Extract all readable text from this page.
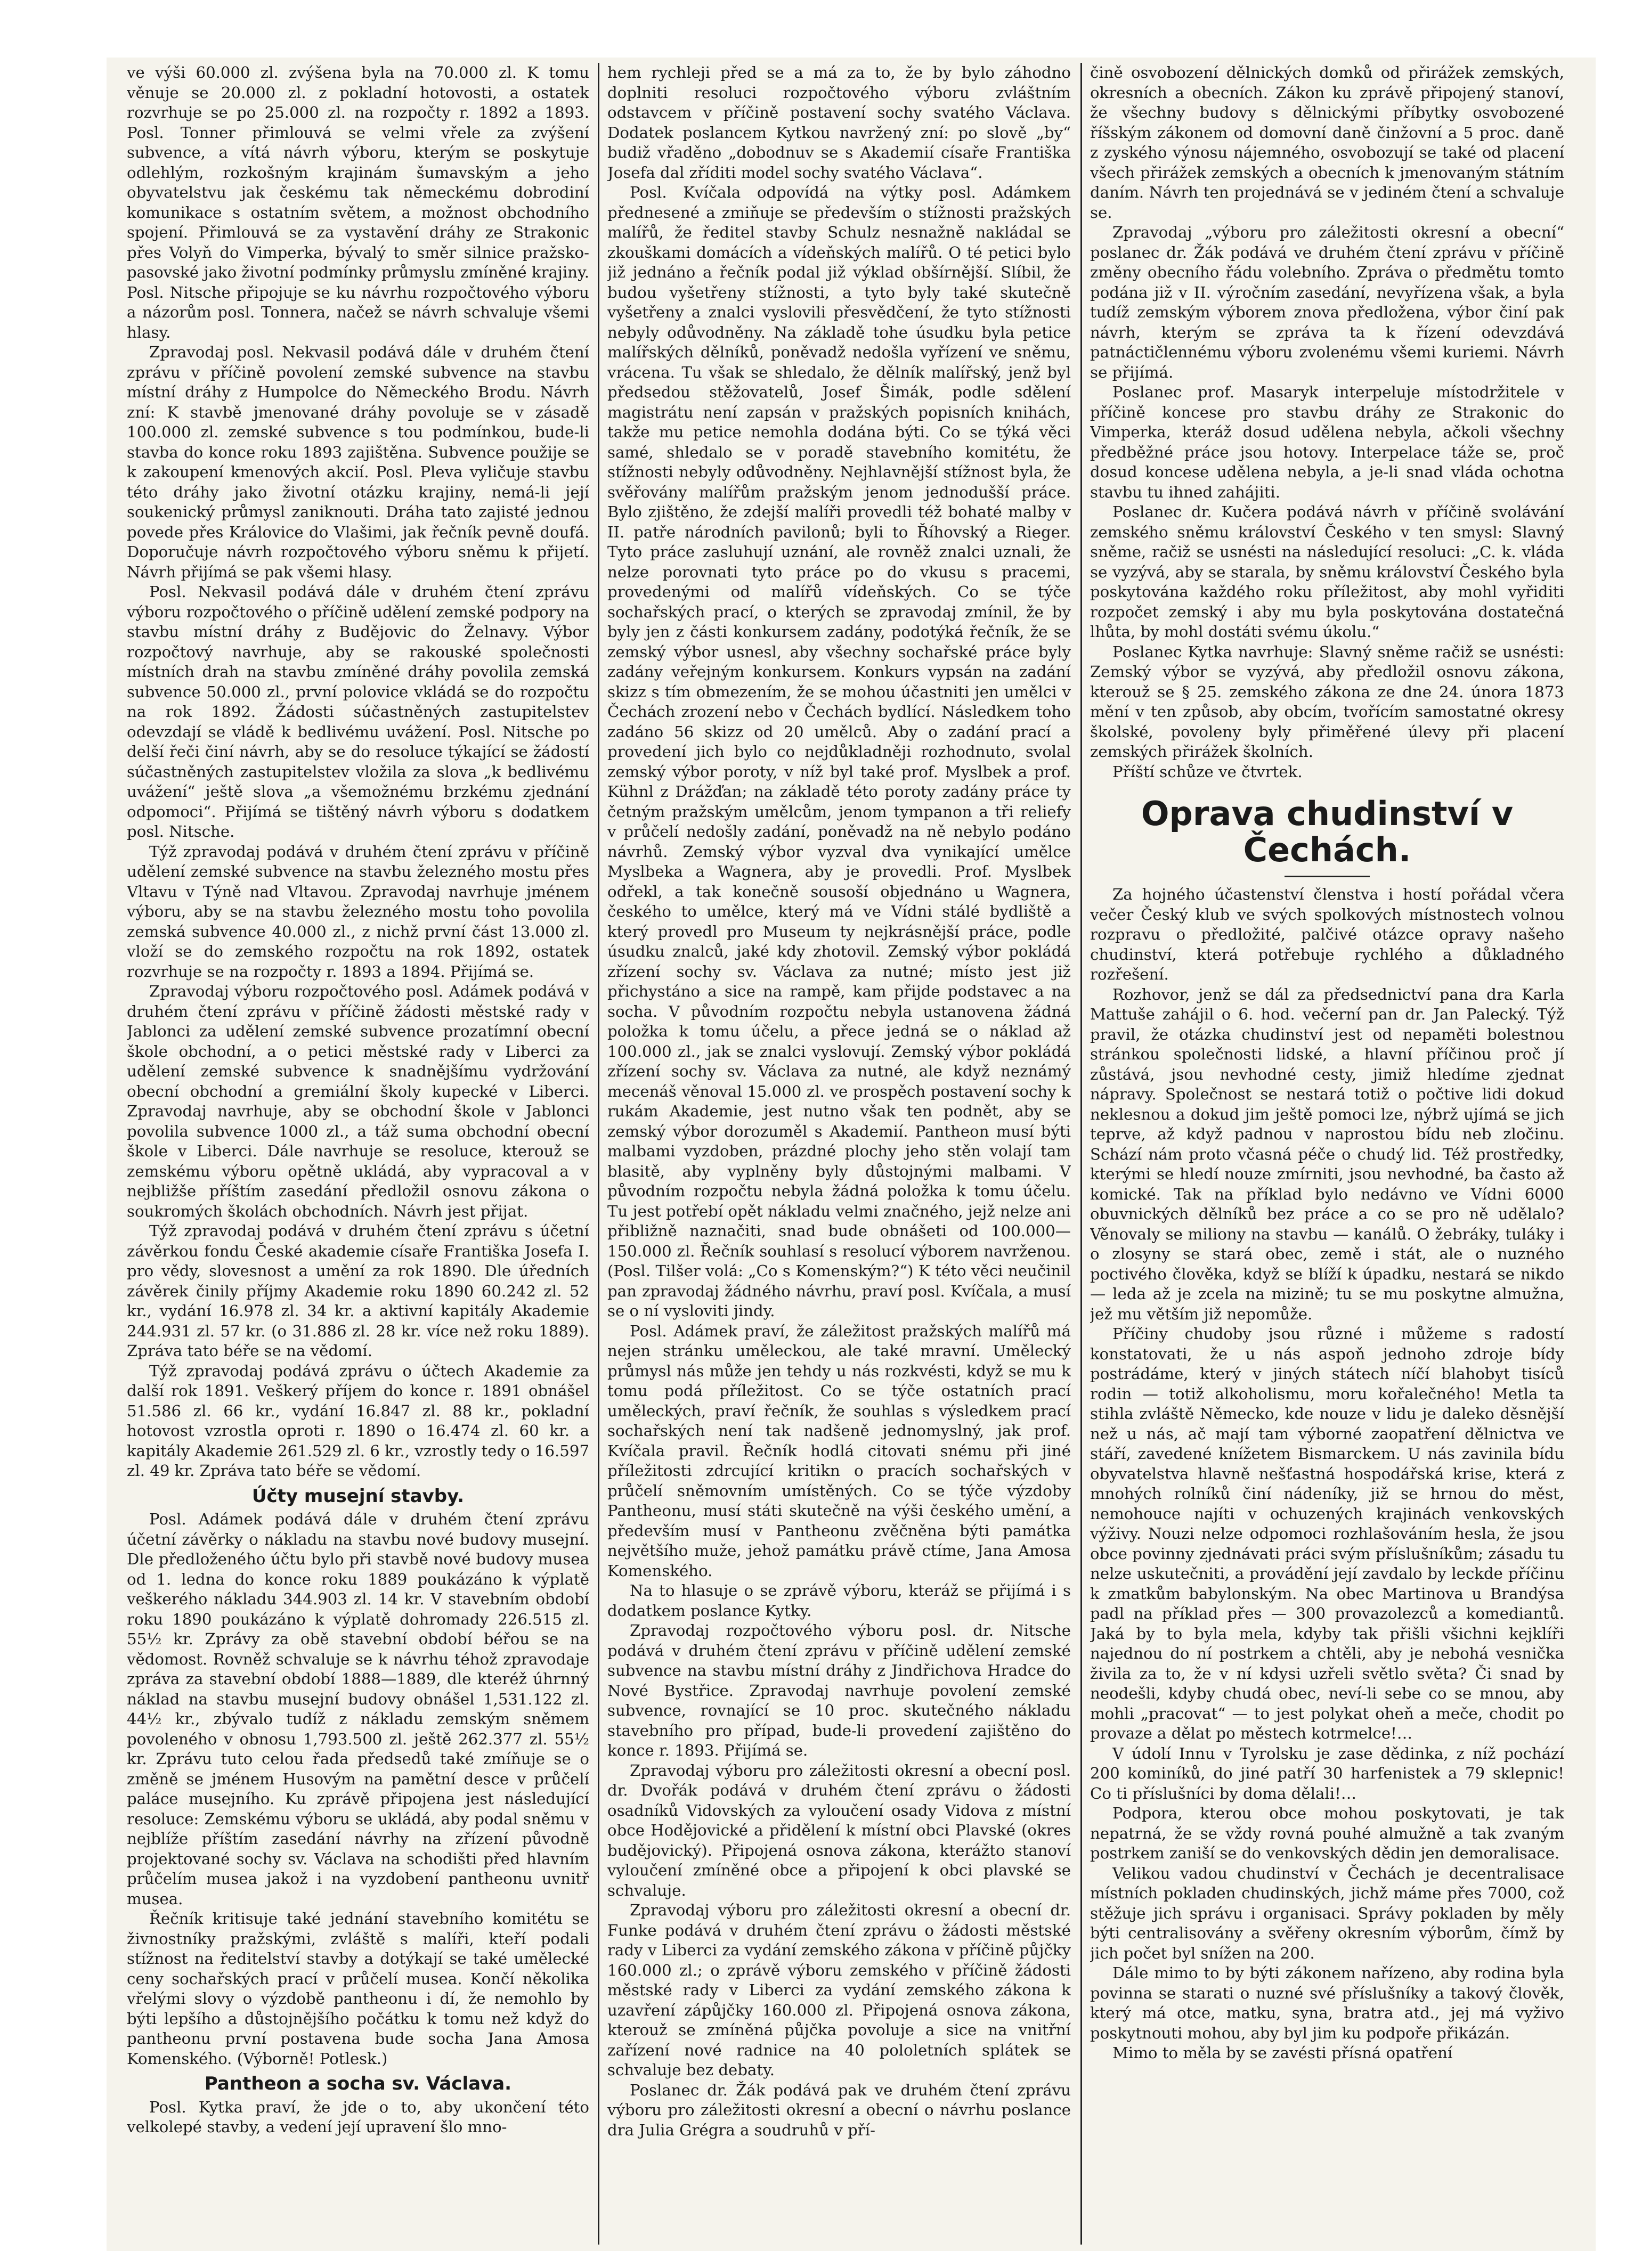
ve výši 60.000 zl. zvýšena byla na 70.000 zl. K tomu věnuje se 20.000 zl. z pokladní hotovosti, a ostatek rozvrhuje se po 25.000 zl. na rozpočty r. 1892 a 1893. Posl. Tonner přimlouvá se velmi vřele za zvýšení subvence, a vítá návrh výboru, kterým se poskytuje odlehlým, rozkošným krajinám šumavským a jeho obyvatelstvu jak českému tak německému dobrodiní komunikace s ostatním světem, a možnost obchodního spojení. Přimlouvá se za vystavění dráhy ze Strakonic přes Volyň do Vimperka, bývalý to směr silnice pražsko-pasovské jako životní podmínky průmyslu zmíněné krajiny. Posl. Nitsche připojuje se ku návrhu rozpočtového výboru a názorům posl. Tonnera, načež se návrh schvaluje všemi hlasy.

Zpravodaj posl. Nekvasil podává dále v druhém čtení zprávu v příčině povolení zemské subvence na stavbu místní dráhy z Humpolce do Německého Brodu. Návrh zní: K stavbě jmenované dráhy povoluje se v zásadě 100.000 zl. zemské subvence s tou podmínkou, bude-li stavba do konce roku 1893 zajištěna. Subvence použije se k zakoupení kmenových akcií. Posl. Pleva vyličuje stavbu této dráhy jako životní otázku krajiny, nemá-li její soukenický průmysl zaniknouti. Dráha tato zajisté jednou povede přes Královice do Vlašimi, jak řečník pevně doufá. Doporučuje návrh rozpočtového výboru sněmu k přijetí. Návrh přijímá se pak všemi hlasy.

Posl. Nekvasil podává dále v druhém čtení zprávu výboru rozpočtového o příčině udělení zemské podpory na stavbu místní dráhy z Budějovic do Želnavy. Výbor rozpočtový navrhuje, aby se rakouské společnosti místních drah na stavbu zmíněné dráhy povolila zemská subvence 50.000 zl., první polovice vkládá se do rozpočtu na rok 1892. Žádosti súčastněných zastupitelstev odevzdají se vládě k bedlivému uvážení. Posl. Nitsche po delší řeči činí návrh, aby se do resoluce týkající se žádostí súčastněných zastupitelstev vložila za slova „k bedlivému uvážení“ ještě slova „a všemožnému brzkému zjednání odpomoci“. Přijímá se tištěný návrh výboru s dodatkem posl. Nitsche.

Týž zpravodaj podává v druhém čtení zprávu v příčině udělení zemské subvence na stavbu železného mostu přes Vltavu v Týně nad Vltavou. Zpravodaj navrhuje jménem výboru, aby se na stavbu železného mostu toho povolila zemská subvence 40.000 zl., z nichž první část 13.000 zl. vloží se do zemského rozpočtu na rok 1892, ostatek rozvrhuje se na rozpočty r. 1893 a 1894. Přijímá se.

Zpravodaj výboru rozpočtového posl. Adámek podává v druhém čtení zprávu v příčině žádosti městské rady v Jablonci za udělení zemské subvence prozatímní obecní škole obchodní, a o petici městské rady v Liberci za udělení zemské subvence k snadnějšímu vydržování obecní obchodní a gremiální školy kupecké v Liberci. Zpravodaj navrhuje, aby se obchodní škole v Jablonci povolila subvence 1000 zl., a táž suma obchodní obecní škole v Liberci. Dále navrhuje se resoluce, kterouž se zemskému výboru opětně ukládá, aby vypracoval a v nejbližše příštím zasedání předložil osnovu zákona o soukromých školách obchodních. Návrh jest přijat.

Týž zpravodaj podává v druhém čtení zprávu s účetní závěrkou fondu České akademie císaře Františka Josefa I. pro vědy, slovesnost a umění za rok 1890. Dle úředních závěrek činily příjmy Akademie roku 1890 60.242 zl. 52 kr., vydání 16.978 zl. 34 kr. a aktivní kapitály Akademie 244.931 zl. 57 kr. (o 31.886 zl. 28 kr. více než roku 1889). Zpráva tato béře se na vědomí.

Týž zpravodaj podává zprávu o účtech Akademie za další rok 1891. Veškerý příjem do konce r. 1891 obnášel 51.586 zl. 66 kr., vydání 16.847 zl. 88 kr., pokladní hotovost vzrostla oproti r. 1890 o 16.474 zl. 60 kr. a kapitály Akademie 261.529 zl. 6 kr., vzrostly tedy o 16.597 zl. 49 kr. Zpráva tato béře se vědomí.

Účty musejní stavby.

Posl. Adámek podává dále v druhém čtení zprávu účetní závěrky o nákladu na stavbu nové budovy musejní. Dle předloženého účtu bylo při stavbě nové budovy musea od 1. ledna do konce roku 1889 poukázáno k výplatě veškerého nákladu 344.903 zl. 14 kr. V stavebním období roku 1890 poukázáno k výplatě dohromady 226.515 zl. 55½ kr. Zprávy za obě stavební období béřou se na vědomost. Rovněž schvaluje se k návrhu téhož zpravodaje zpráva za stavební období 1888—1889, dle kteréž úhrnný náklad na stavbu musejní budovy obnášel 1,531.122 zl. 44½ kr., zbývalo tudíž z nákladu zemským sněmem povoleného v obnosu 1,793.500 zl. ještě 262.377 zl. 55½ kr. Zprávu tuto celou řada předsedů také zmíňuje se o změně se jménem Husovým na pamětní desce v průčelí paláce musejního. Ku zprávě připojena jest následující resoluce: Zemskému výboru se ukládá, aby podal sněmu v nejblíže příštím zasedání návrhy na zřízení původně projektované sochy sv. Václava na schodišti před hlavním průčelím musea jakož i na vyzdobení pantheonu uvnitř musea.

Řečník kritisuje také jednání stavebního komitétu se živnostníky pražskými, zvláště s malíři, kteří podali stížnost na ředitelství stavby a dotýkají se také umělecké ceny sochařských prací v průčelí musea. Končí několika vřelými slovy o výzdobě pantheonu i dí, že nemohlo by býti lepšího a důstojnějšího počátku k tomu než když do pantheonu první postavena bude socha Jana Amosa Komenského. (Výborně! Potlesk.)

Pantheon a socha sv. Václava.

Posl. Kytka praví, že jde o to, aby ukončení této velkolepé stavby, a vedení její upravení šlo mno-

hem rychleji před se a má za to, že by bylo záhodno doplniti resoluci rozpočtového výboru zvláštním odstavcem v příčině postavení sochy svatého Václava. Dodatek poslancem Kytkou navržený zní: po slově „by“ budiž vřaděno „dobodnuv se s Akademií císaře Františka Josefa dal zříditi model sochy svatého Václava“.

Posl. Kvíčala odpovídá na výtky posl. Adámkem přednesené a zmiňuje se především o stížnosti pražských malířů, že ředitel stavby Schulz nesnažně nakládal se zkouškami domácích a vídeňských malířů. O té petici bylo již jednáno a řečník podal již výklad obšírnější. Slíbil, že budou vyšetřeny stížnosti, a tyto byly také skutečně vyšetřeny a znalci vyslovili přesvědčení, že tyto stížnosti nebyly odůvodněny. Na základě tohe úsudku byla petice malířských dělníků, poněvadž nedošla vyřízení ve sněmu, vrácena. Tu však se shledalo, že dělník malířský, jenž byl předsedou stěžovatelů, Josef Šimák, podle sdělení magistrátu není zapsán v pražských popisních knihách, takže mu petice nemohla dodána býti. Co se týká věci samé, shledalo se v poradě stavebního komitétu, že stížnosti nebyly odůvodněny. Nejhlavnější stížnost byla, že svěřovány malířům pražským jenom jednodušší práce. Bylo zjištěno, že zdejší malíři provedli též bohaté malby v II. patře národních pavilonů; byli to Říhovský a Rieger. Tyto práce zasluhují uznání, ale rovněž znalci uznali, že nelze porovnati tyto práce po do vkusu s pracemi, provedenými od malířů vídeňských. Co se týče sochařských prací, o kterých se zpravodaj zmínil, že by byly jen z části konkursem zadány, podotýká řečník, že se zemský výbor usnesl, aby všechny sochařské práce byly zadány veřejným konkursem. Konkurs vypsán na zadání skizz s tím obmezením, že se mohou účastniti jen umělci v Čechách zrození nebo v Čechách bydlící. Následkem toho zadáno 56 skizz od 20 umělců. Aby o zadání prací a provedení jich bylo co nejdůkladněji rozhodnuto, svolal zemský výbor poroty, v níž byl také prof. Myslbek a prof. Kühnl z Drážďan; na základě této poroty zadány práce ty četným pražským umělcům, jenom tympanon a tři reliefy v průčelí nedošly zadání, poněvadž na ně nebylo podáno návrhů. Zemský výbor vyzval dva vynikající umělce Myslbeka a Wagnera, aby je provedli. Prof. Myslbek odřekl, a tak konečně sousoší objednáno u Wagnera, českého to umělce, který má ve Vídni stálé bydliště a který provedl pro Museum ty nejkrásnější práce, podle úsudku znalců, jaké kdy zhotovil. Zemský výbor pokládá zřízení sochy sv. Václava za nutné; místo jest již přichystáno a sice na rampě, kam přijde podstavec a na socha. V původním rozpočtu nebyla ustanovena žádná položka k tomu účelu, a přece jedná se o náklad až 100.000 zl., jak se znalci vyslovují. Zemský výbor pokládá zřízení sochy sv. Václava za nutné, ale když neznámý mecenáš věnoval 15.000 zl. ve prospěch postavení sochy k rukám Akademie, jest nutno však ten podnět, aby se zemský výbor dorozuměl s Akademií. Pantheon musí býti malbami vyzdoben, prázdné plochy jeho stěn volají tam blasitě, aby vyplněny byly důstojnými malbami. V původním rozpočtu nebyla žádná položka k tomu účelu. Tu jest potřebí opět nákladu velmi značného, jejž nelze ani přibližně naznačiti, snad bude obnášeti od 100.000—150.000 zl. Řečník souhlasí s resolucí výborem navrženou. (Posl. Tilšer volá: „Co s Komenským?“) K této věci neučinil pan zpravodaj žádného návrhu, praví posl. Kvíčala, a musí se o ní vysloviti jindy.

Posl. Adámek praví, že záležitost pražských malířů má nejen stránku uměleckou, ale také mravní. Umělecký průmysl nás může jen tehdy u nás rozkvésti, když se mu k tomu podá příležitost. Co se týče ostatních prací uměleckých, praví řečník, že souhlas s výsledkem prací sochařských není tak nadšeně jednomyslný, jak prof. Kvíčala pravil. Řečník hodlá citovati snému při jiné příležitosti zdrcující kritikn o pracích sochařských v průčelí sněmovním umístěných. Co se týče výzdoby Pantheonu, musí státi skutečně na výši českého umění, a především musí v Pantheonu zvěčněna býti památka největšího muže, jehož památku právě ctíme, Jana Amosa Komenského.

Na to hlasuje o se zprávě výboru, kteráž se přijímá i s dodatkem poslance Kytky.

Zpravodaj rozpočtového výboru posl. dr. Nitsche podává v druhém čtení zprávu v příčině udělení zemské subvence na stavbu místní dráhy z Jindřichova Hradce do Nové Bystřice. Zpravodaj navrhuje povolení zemské subvence, rovnající se 10 proc. skutečného nákladu stavebního pro případ, bude-li provedení zajištěno do konce r. 1893. Přijímá se.

Zpravodaj výboru pro záležitosti okresní a obecní posl. dr. Dvořák podává v druhém čtení zprávu o žádosti osadníků Vidovských za vyloučení osady Vidova z místní obce Hodějovické a přidělení k místní obci Plavské (okres budějovický). Připojená osnova zákona, kterážto stanoví vyloučení zmíněné obce a připojení k obci plavské se schvaluje.

Zpravodaj výboru pro záležitosti okresní a obecní dr. Funke podává v druhém čtení zprávu o žádosti městské rady v Liberci za vydání zemského zákona v příčině půjčky 160.000 zl.; o zprávě výboru zemského v příčině žádosti městské rady v Liberci za vydání zemského zákona k uzavření zápůjčky 160.000 zl. Připojená osnova zákona, kterouž se zmíněná půjčka povoluje a sice na vnitřní zařízení nové radnice na 40 pololetních splátek se schvaluje bez debaty.

Poslanec dr. Žák podává pak ve druhém čtení zprávu výboru pro záležitosti okresní a obecní o návrhu poslance dra Julia Grégra a soudruhů v pří-

čině osvobození dělnických domků od přirážek zemských, okresních a obecních. Zákon ku zprávě připojený stanoví, že všechny budovy s dělnickými příbytky osvobozené říšským zákonem od domovní daně činžovní a 5 proc. daně z zyského výnosu nájemného, osvobozují se také od placení všech přirážek zemských a obecních k jmenovaným státním daním. Návrh ten projednává se v jediném čtení a schvaluje se.

Zpravodaj „výboru pro záležitosti okresní a obecní“ poslanec dr. Žák podává ve druhém čtení zprávu v příčině změny obecního řádu volebního. Zpráva o předmětu tomto podána již v II. výročním zasedání, nevyřízena však, a byla tudíž zemským výborem znova předložena, výbor činí pak návrh, kterým se zpráva ta k řízení odevzdává patnáctičlennému výboru zvolenému všemi kuriemi. Návrh se přijímá.

Poslanec prof. Masaryk interpeluje místodržitele v příčině koncese pro stavbu dráhy ze Strakonic do Vimperka, kteráž dosud udělena nebyla, ačkoli všechny předběžné práce jsou hotovy. Interpelace táže se, proč dosud koncese udělena nebyla, a je-li snad vláda ochotna stavbu tu ihned zahájiti.

Poslanec dr. Kučera podává návrh v příčině svolávání zemského sněmu království Českého v ten smysl: Slavný sněme, račiž se usnésti na následující resoluci: „C. k. vláda se vyzývá, aby se starala, by sněmu království Českého byla poskytována každého roku příležitost, aby mohl vyřiditi rozpočet zemský i aby mu byla poskytována dostatečná lhůta, by mohl dostáti svému úkolu.“

Poslanec Kytka navrhuje: Slavný sněme račiž se usnésti: Zemský výbor se vyzývá, aby předložil osnovu zákona, kterouž se § 25. zemského zákona ze dne 24. února 1873 mění v ten způsob, aby obcím, tvořícím samostatné okresy školské, povoleny byly přiměřené úlevy při placení zemských přirážek školních.

Příští schůze ve čtvrtek.

Oprava chudinství v Čechách.

Za hojného účastenství členstva i hostí pořádal včera večer Český klub ve svých spolkových místnostech volnou rozpravu o předložité, palčivé otázce opravy našeho chudinství, která potřebuje rychlého a důkladného rozřešení.

Rozhovor, jenž se dál za předsednictví pana dra Karla Mattuše zahájil o 6. hod. večerní pan dr. Jan Palecký. Týž pravil, že otázka chudinství jest od nepaměti bolestnou stránkou společnosti lidské, a hlavní příčinou proč jí zůstává, jsou nevhodné cesty, jimiž hledíme zjednat nápravy. Společnost se nestará totiž o počtive lidi dokud neklesnou a dokud jim ještě pomoci lze, nýbrž ujímá se jich teprve, až když padnou v naprostou bídu neb zločinu. Schází nám proto včasná péče o chudý lid. Též prostředky, kterými se hledí nouze zmírniti, jsou nevhodné, ba často až komické. Tak na příklad bylo nedávno ve Vídni 6000 obuvnických dělníků bez práce a co se pro ně udělalo? Věnovaly se miliony na stavbu — kanálů. O žebráky, tuláky i o zlosyny se stará obec, země i stát, ale o nuzného poctivého člověka, když se blíží k úpadku, nestará se nikdo — leda až je zcela na mizině; tu se mu poskytne almužna, jež mu větším již nepomůže.

Příčiny chudoby jsou různé i můžeme s radostí konstatovati, že u nás aspoň jednoho zdroje bídy postrádáme, který v jiných státech níčí blahobyt tisíců rodin — totiž alkoholismu, moru kořalečného! Metla ta stihla zvláště Německo, kde nouze v lidu je daleko děsnější než u nás, ač mají tam výborné zaopatření dělnictva ve stáří, zavedené knížetem Bismarckem. U nás zavinila bídu obyvatelstva hlavně nešťastná hospodářská krise, která z mnohých rolníků činí nádeníky, již se hrnou do měst, nemohouce najíti v ochuzených krajinách venkovských výživy. Nouzi nelze odpomoci rozhlašováním hesla, že jsou obce povinny zjednávati práci svým příslušníkům; zásadu tu nelze uskutečniti, a provádění její zavdalo by leckde příčinu k zmatkům babylonským. Na obec Martinova u Brandýsa padl na příklad přes — 300 provazolezců a komediantů. Jaká by to byla mela, kdyby tak přišli všichni kejklíři najednou do ní postrkem a chtěli, aby je nebohá vesnička živila za to, že v ní kdysi uzřeli světlo světa? Či snad by neodešli, kdyby chudá obec, neví-li sebe co se mnou, aby mohli „pracovat“ — to jest polykat oheň a meče, chodit po provaze a dělat po městech kotrmelce!…

V údolí Innu v Tyrolsku je zase dědinka, z níž pochází 200 kominíků, do jiné patří 30 harfenistek a 79 sklepnic! Co ti příslušníci by doma dělali!…

Podpora, kterou obce mohou poskytovati, je tak nepatrná, že se vždy rovná pouhé almužně a tak zvaným postrkem zaniší se do venkovských dědin jen demoralisace.

Velikou vadou chudinství v Čechách je decentralisace místních pokladen chudinských, jichž máme přes 7000, což stěžuje jich správu i organisaci. Správy pokladen by měly býti centralisovány a svěřeny okresním výborům, čímž by jich počet byl snížen na 200.

Dále mimo to by býti zákonem nařízeno, aby rodina byla povinna se starati o nuzné své příslušníky a takový člověk, který má otce, matku, syna, bratra atd., jej má vyživo poskytnouti mohou, aby byl jim ku podpoře přikázán.

Mimo to měla by se zavésti přísná opatření
